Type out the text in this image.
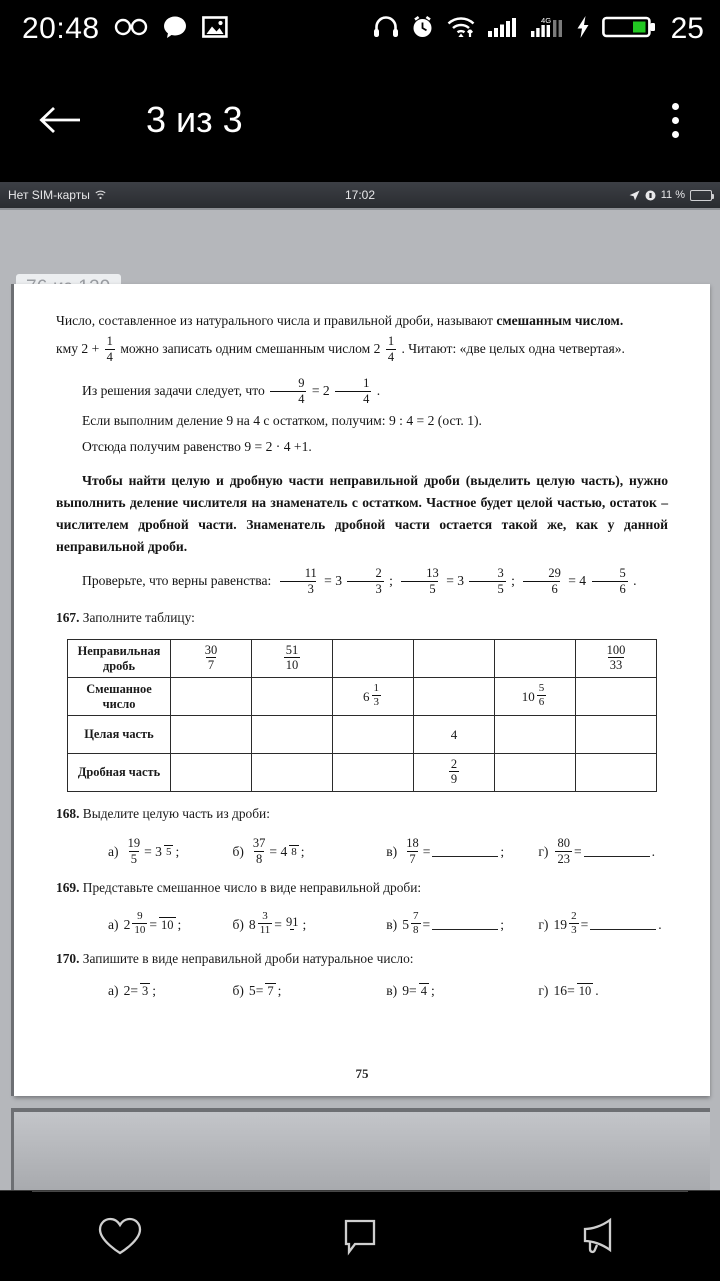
20:48	4G	25
3 из 3
Нет SIM-карты	17:02	11 %

Число, составленное из натурального числа и правильной дроби, называют смешанным числом.

кму $2 + \frac{1}{4}$ можно записать одним смешанным числом $2 \frac{1}{4}$ . Читают: «две целых одна четвертая».

Из решения задачи следует, что $\frac{9}{4} = 2 \frac{1}{4}$ .

Если выполним деление 9 на 4 с остатком, получим: 9 : 4 = 2 (ост. 1).

Отсюда получим равенство 9 = 2 · 4 +1.

Чтобы найти целую и дробную части неправильной дроби (выделить целую часть), нужно выполнить деление числителя на знаменатель с остатком. Частное будет целой частью, остаток – числителем дробной части. Знаменатель дробной части остается такой же, как у данной неправильной дроби.

Проверьте, что верны равенства: $\frac{11}{3} = 3 \frac{2}{3}$ ; $\frac{13}{5} = 3 \frac{3}{5}$ ; $\frac{29}{6} = 4 \frac{5}{6}$ .

167. Заполните таблицу:

Неправильная дробь	$\frac{30}{7}$	$\frac{51}{10}$				$\frac{100}{33}$

Смешанное число			$6 \frac{1}{3}$		$10 \frac{5}{6}$

Целая часть				4		
Дробная часть				$\frac{2}{9}$

168. Выделите целую часть из дроби:

$а) \frac{19}{5} = 3$ 5 ;	$б) \frac{37}{8} = 4$ 8 ;	$в) \frac{18}{7}$ =	;	$г) \frac{80}{23}$ =	.

169. Представьте смешанное число в виде неправильной дроби:

а) $2 \frac{9}{10} = 10$ ;	б) $8 \frac{3}{11} = 91$ ;	в) $5 \frac{7}{8}$ =	;	г) $19 \frac{2}{3}$ =	.

170. Запишите в виде неправильной дроби натуральное число:

а) 2 = 3 ;	б) 5 = 7 ;	в) 9 = 4 ;	г) 16 = 10 .
75
